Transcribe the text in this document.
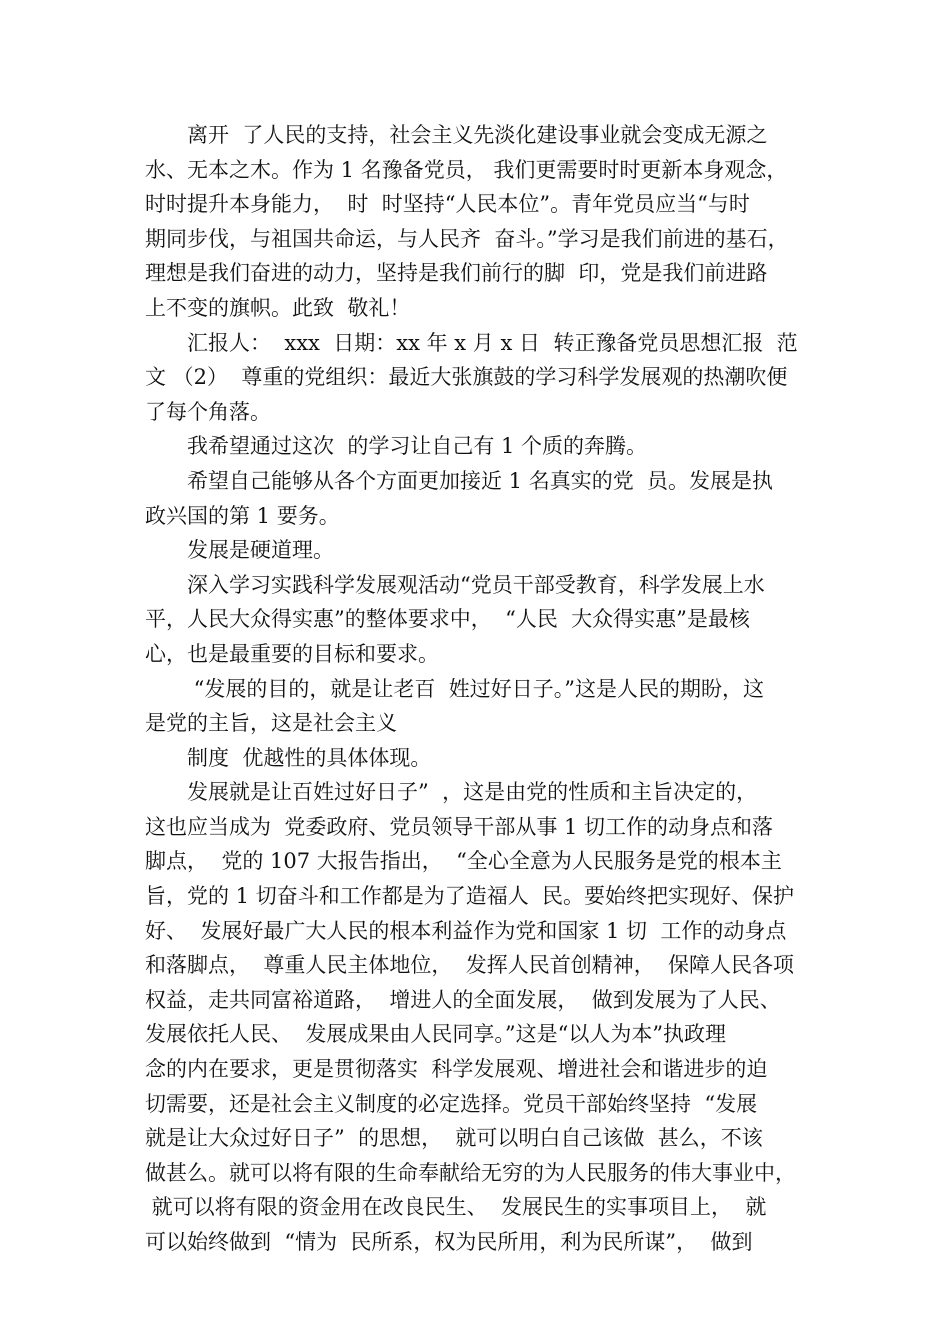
离开  了人民的支持，社会主义先淡化建设事业就会变成无源之
水、无本之木。作为 1 名豫备党员， 我们更需要时时更新本身观念，
时时提升本身能力，  时  时坚持“人民本位”。青年党员应当“与时
期同步伐，与祖国共命运，与人民齐  奋斗。”学习是我们前进的基石，
理想是我们奋进的动力，坚持是我们前行的脚  印，党是我们前进路
上不变的旗帜。此致  敬礼！
汇报人：  xxx  日期：xx 年 x 月 x 日  转正豫备党员思想汇报  范
文 （2）  尊重的党组织：最近大张旗鼓的学习科学发展观的热潮吹便
了每个角落。
我希望通过这次  的学习让自己有 1 个质的奔腾。
希望自己能够从各个方面更加接近 1 名真实的党  员。发展是执
政兴国的第 1 要务。
发展是硬道理。
深入学习实践科学发展观活动“党员干部受教育，科学发展上水
平，人民大众得实惠”的整体要求中，  “人民  大众得实惠”是最核
心，也是最重要的目标和要求。
“发展的目的，就是让老百  姓过好日子。”这是人民的期盼，这
是党的主旨，这是社会主义
制度  优越性的具体体现。
发展就是让百姓过好日子”  ，这是由党的性质和主旨决定的，
这也应当成为  党委政府、党员领导干部从事 1 切工作的动身点和落
脚点，  党的 107 大报告指出，  “全心全意为人民服务是党的根本主
旨，党的 1 切奋斗和工作都是为了造福人  民。要始终把实现好、保护
好、  发展好最广大人民的根本利益作为党和国家 1 切  工作的动身点
和落脚点，  尊重人民主体地位，  发挥人民首创精神，  保障人民各项
权益，走共同富裕道路，  增进人的全面发展，  做到发展为了人民、
发展依托人民、  发展成果由人民同享。”这是“以人为本”执政理
念的内在要求，更是贯彻落实  科学发展观、增进社会和谐进步的迫
切需要，还是社会主义制度的必定选择。党员干部始终坚持  “发展
就是让大众过好日子”  的思想，  就可以明白自己该做  甚么，不该
做甚么。就可以将有限的生命奉献给无穷的为人民服务的伟大事业中，
就可以将有限的资金用在改良民生、  发展民生的实事项目上，  就
可以始终做到  “情为  民所系，权为民所用，利为民所谋”，  做到
